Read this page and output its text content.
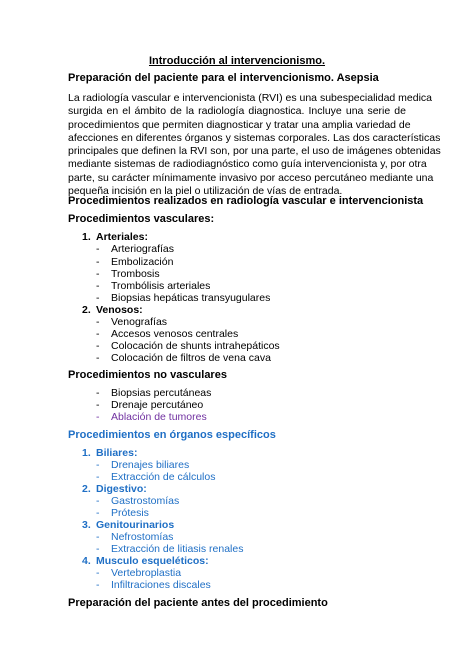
Introducción al intervencionismo.
Preparación del paciente para el intervencionismo. Asepsia
La radiología vascular e intervencionista (RVI) es una subespecialidad medica
surgida en el ámbito de la radiología diagnostica. Incluye una serie de
procedimientos que permiten diagnosticar y tratar una amplia variedad de
afecciones en diferentes órganos y sistemas corporales. Las dos características
principales que definen la RVI son, por una parte, el uso de imágenes obtenidas
mediante sistemas de radiodiagnóstico como guía intervencionista y, por otra
parte, su carácter mínimamente invasivo por acceso percutáneo mediante una
pequeña incisión en la piel o utilización de vías de entrada.
Procedimientos realizados en radiología vascular e intervencionista
Procedimientos vasculares:
1. Arteriales:
- Arteriografías
- Embolización
- Trombosis
- Trombólisis arteriales
- Biopsias hepáticas transyugulares
2. Venosos:
- Venografías
- Accesos venosos centrales
- Colocación de shunts intrahepáticos
- Colocación de filtros de vena cava
Procedimientos no vasculares
- Biopsias percutáneas
- Drenaje percutáneo
- Ablación de tumores
Procedimientos en órganos específicos
1. Biliares:
- Drenajes biliares
- Extracción de cálculos
2. Digestivo:
- Gastrostomías
- Prótesis
3. Genitourinarios
- Nefrostomías
- Extracción de litiasis renales
4. Musculo esqueléticos:
- Vertebroplastia
- Infiltraciones discales
Preparación del paciente antes del procedimiento
